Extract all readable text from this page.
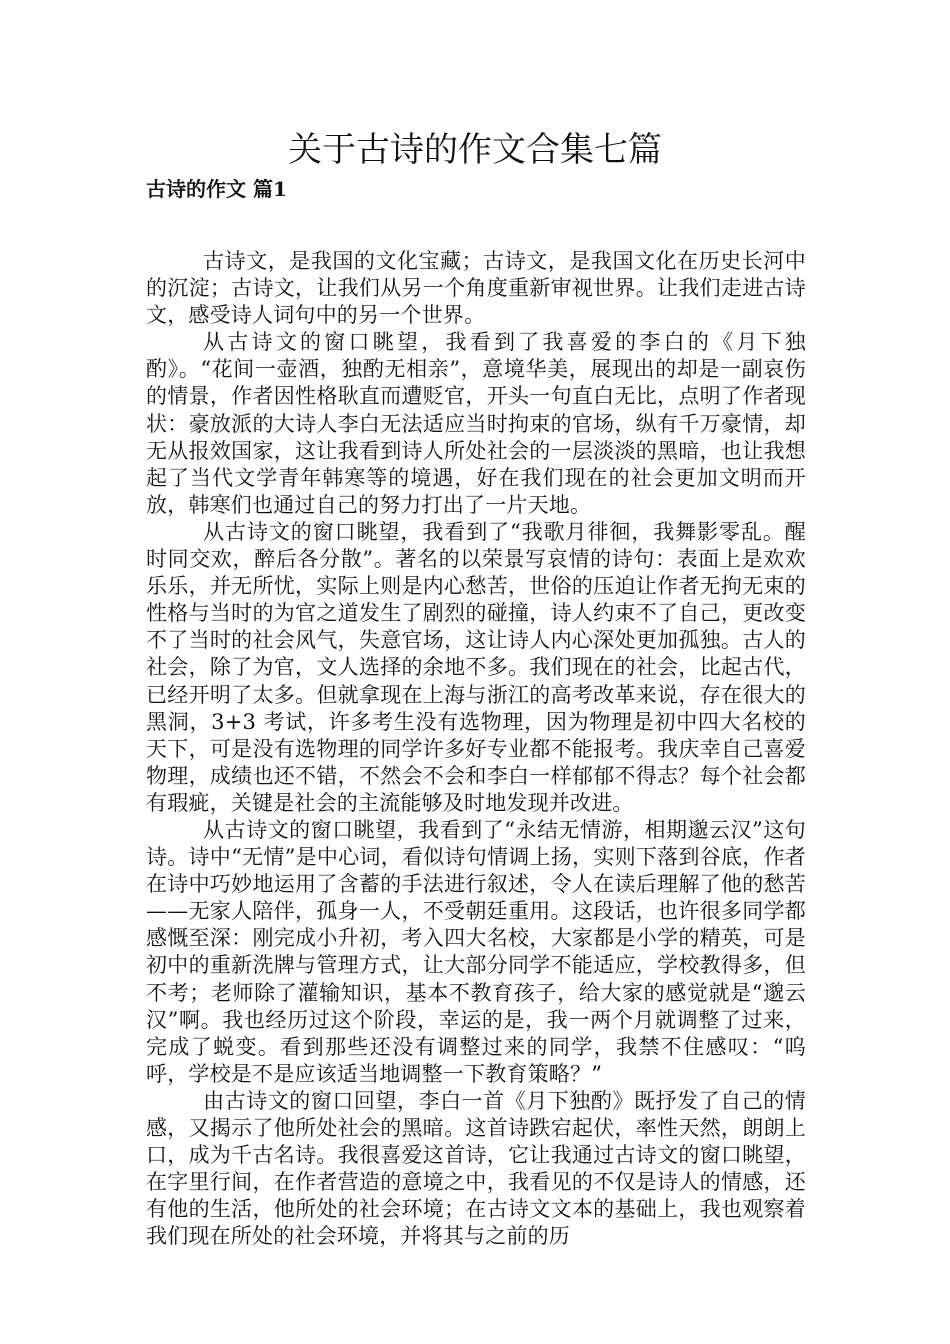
关于古诗的作文合集七篇
古诗的作文 篇1

古诗文，是我国的文化宝藏；古诗文，是我国文化在历史长河中的沉淀；古诗文，让我们从另一个角度重新审视世界。让我们走进古诗文，感受诗人词句中的另一个世界。

从古诗文的窗口眺望，我看到了我喜爱的李白的《月下独酌》。“花间一壶酒，独酌无相亲”，意境华美，展现出的却是一副哀伤的情景，作者因性格耿直而遭贬官，开头一句直白无比，点明了作者现状：豪放派的大诗人李白无法适应当时拘束的官场，纵有千万豪情，却无从报效国家，这让我看到诗人所处社会的一层淡淡的黑暗，也让我想起了当代文学青年韩寒等的境遇，好在我们现在的社会更加文明而开放，韩寒们也通过自己的努力打出了一片天地。

从古诗文的窗口眺望，我看到了“我歌月徘徊，我舞影零乱。醒时同交欢，醉后各分散”。著名的以荣景写哀情的诗句：表面上是欢欢乐乐，并无所忧，实际上则是内心愁苦，世俗的压迫让作者无拘无束的性格与当时的为官之道发生了剧烈的碰撞，诗人约束不了自己，更改变不了当时的社会风气，失意官场，这让诗人内心深处更加孤独。古人的社会，除了为官，文人选择的余地不多。我们现在的社会，比起古代，已经开明了太多。但就拿现在上海与浙江的高考改革来说，存在很大的黑洞，3+3 考试，许多考生没有选物理，因为物理是初中四大名校的天下，可是没有选物理的同学许多好专业都不能报考。我庆幸自己喜爱物理，成绩也还不错，不然会不会和李白一样郁郁不得志？每个社会都有瑕疵，关键是社会的主流能够及时地发现并改进。

从古诗文的窗口眺望，我看到了“永结无情游，相期邈云汉”这句诗。诗中“无情”是中心词，看似诗句情调上扬，实则下落到谷底，作者在诗中巧妙地运用了含蓄的手法进行叙述，令人在读后理解了他的愁苦——无家人陪伴，孤身一人，不受朝廷重用。这段话，也许很多同学都感慨至深：刚完成小升初，考入四大名校，大家都是小学的精英，可是初中的重新洗牌与管理方式，让大部分同学不能适应，学校教得多，但不考；老师除了灌输知识，基本不教育孩子，给大家的感觉就是“邈云汉”啊。我也经历过这个阶段，幸运的是，我一两个月就调整了过来，完成了蜕变。看到那些还没有调整过来的同学，我禁不住感叹：“呜呼，学校是不是应该适当地调整一下教育策略？”

由古诗文的窗口回望，李白一首《月下独酌》既抒发了自己的情感，又揭示了他所处社会的黑暗。这首诗跌宕起伏，率性天然，朗朗上口，成为千古名诗。我很喜爱这首诗，它让我通过古诗文的窗口眺望，在字里行间，在作者营造的意境之中，我看见的不仅是诗人的情感，还有他的生活，他所处的社会环境；在古诗文文本的基础上，我也观察着我们现在所处的社会环境，并将其与之前的历
